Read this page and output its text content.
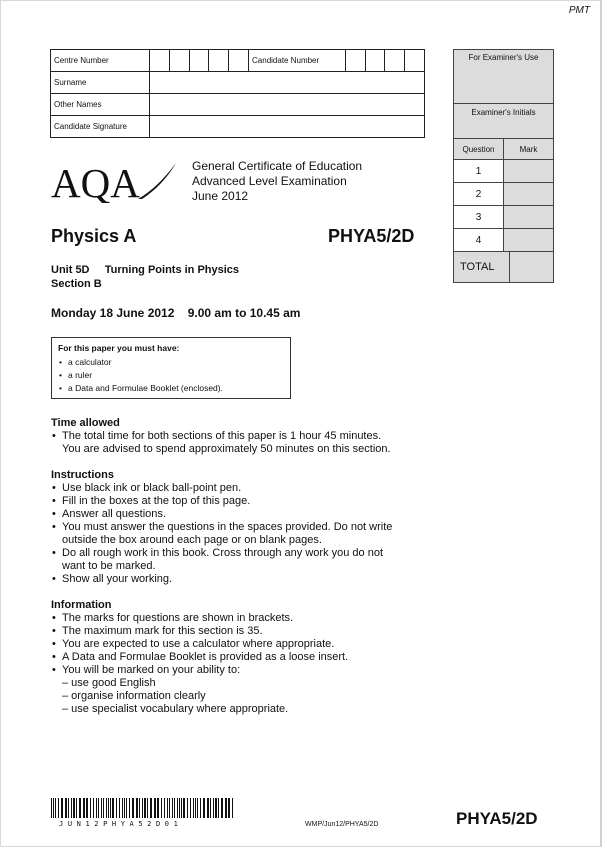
PMT
Centre Number						Candidate Number				
Surname										
Other Names										
Candidate Signature										
For Examiner's Use
Examiner's Initials
Question	Mark
1
2
3
4
TOTAL
AQA	General Certificate of Education
Advanced Level Examination
June 2012
Physics A	PHYA5/2D
Unit 5D     Turning Points in Physics
Section B
Monday 18 June 2012    9.00 am to 10.45 am
For this paper you must have:
• a calculator
• a ruler
• a Data and Formulae Booklet (enclosed).
Time allowed
• The total time for both sections of this paper is 1 hour 45 minutes.
You are advised to spend approximately 50 minutes on this section.
Instructions
• Use black ink or black ball-point pen.
• Fill in the boxes at the top of this page.
• Answer all questions.
• You must answer the questions in the spaces provided. Do not write
outside the box around each page or on blank pages.
• Do all rough work in this book. Cross through any work you do not
want to be marked.
• Show all your working.
Information
• The marks for questions are shown in brackets.
• The maximum mark for this section is 35.
• You are expected to use a calculator where appropriate.
• A Data and Formulae Booklet is provided as a loose insert.
• You will be marked on your ability to:
– use good English
– organise information clearly
– use specialist vocabulary where appropriate.
JUN12PHYA52D01	WMP/Jun12/PHYA5/2D	PHYA5/2D
